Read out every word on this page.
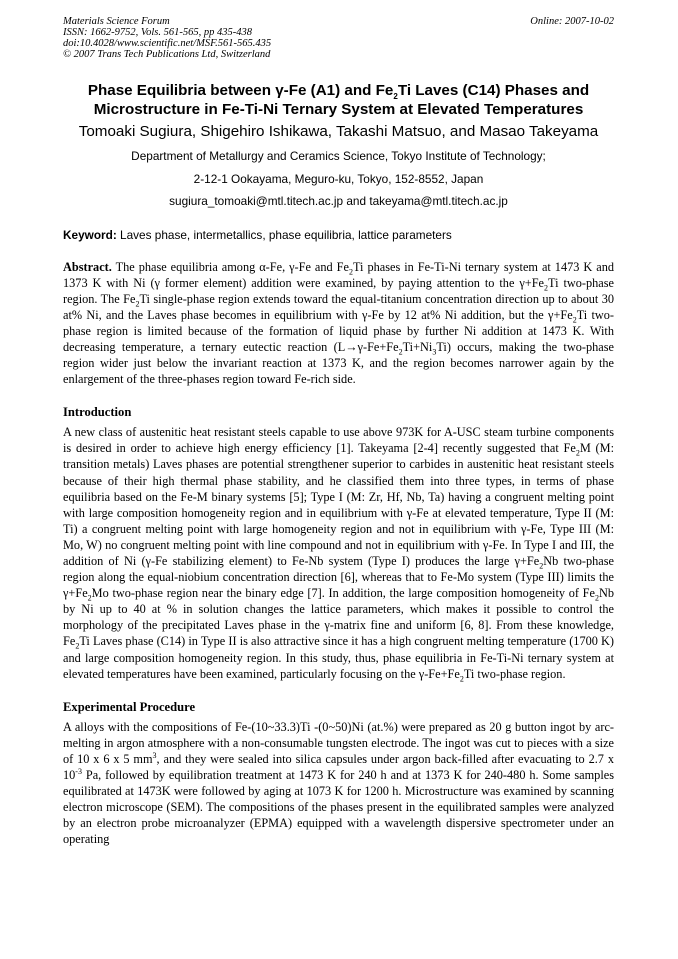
Materials Science Forum
ISSN: 1662-9752, Vols. 561-565, pp 435-438
doi:10.4028/www.scientific.net/MSF.561-565.435
© 2007 Trans Tech Publications Ltd, Switzerland
Online: 2007-10-02
Phase Equilibria between γ-Fe (A1) and $Fe_2Ti$ Laves (C14) Phases and
Microstructure in Fe-Ti-Ni Ternary System at Elevated Temperatures
Tomoaki Sugiura, Shigehiro Ishikawa, Takashi Matsuo, and Masao Takeyama
Department of Metallurgy and Ceramics Science, Tokyo Institute of Technology;
2-12-1 Ookayama, Meguro-ku, Tokyo, 152-8552, Japan
sugiura_tomoaki@mtl.titech.ac.jp and takeyama@mtl.titech.ac.jp
Keyword: Laves phase, intermetallics, phase equilibria, lattice parameters
Abstract. The phase equilibria among α-Fe, γ-Fe and $Fe_2Ti$ phases in Fe-Ti-Ni ternary system at 1473 K and 1373 K with Ni (γ former element) addition were examined, by paying attention to the $\gamma+Fe_2Ti$ two-phase region. The $Fe_2Ti$ single-phase region extends toward the equal-titanium concentration direction up to about 30 at% Ni, and the Laves phase becomes in equilibrium with γ-Fe by 12 at% Ni addition, but the $\gamma+Fe_2Ti$ two-phase region is limited because of the formation of liquid phase by further Ni addition at 1473 K. With decreasing temperature, a ternary eutectic reaction $(L\to\gamma-Fe+Fe_2Ti+Ni_3Ti)$ occurs, making the two-phase region wider just below the invariant reaction at 1373 K, and the region becomes narrower again by the enlargement of the three-phases region toward Fe-rich side.
Introduction
A new class of austenitic heat resistant steels capable to use above 973K for A-USC steam turbine components is desired in order to achieve high energy efficiency [1]. Takeyama [2-4] recently suggested that $Fe_2M$ (M: transition metals) Laves phases are potential strengthener superior to carbides in austenitic heat resistant steels because of their high thermal phase stability, and he classified them into three types, in terms of phase equilibria based on the Fe-M binary systems [5]; Type I (M: Zr, Hf, Nb, Ta) having a congruent melting point with large composition homogeneity region and in equilibrium with γ-Fe at elevated temperature, Type II (M: Ti) a congruent melting point with large homogeneity region and not in equilibrium with γ-Fe, Type III (M: Mo, W) no congruent melting point with line compound and not in equilibrium with γ-Fe. In Type I and III, the addition of Ni (γ-Fe stabilizing element) to Fe-Nb system (Type I) produces the large $\gamma+Fe_2Nb$ two-phase region along the equal-niobium concentration direction [6], whereas that to Fe-Mo system (Type III) limits the $\gamma+Fe_2Mo$ two-phase region near the binary edge [7]. In addition, the large composition homogeneity of $Fe_2Nb$ by Ni up to 40 at % in solution changes the lattice parameters, which makes it possible to control the morphology of the precipitated Laves phase in the γ-matrix fine and uniform [6, 8]. From these knowledge, $Fe_2Ti$ Laves phase (C14) in Type II is also attractive since it has a high congruent melting temperature (1700 K) and large composition homogeneity region. In this study, thus, phase equilibria in Fe-Ti-Ni ternary system at elevated temperatures have been examined, particularly focusing on the $\gamma-Fe+Fe_2Ti$ two-phase region.
Experimental Procedure
A alloys with the compositions of Fe-(10~33.3)Ti -(0~50)Ni (at.%) were prepared as 20 g button ingot by arc-melting in argon atmosphere with a non-consumable tungsten electrode. The ingot was cut to pieces with a size of 10 x 6 x 5 $mm^3$, and they were sealed into silica capsules under argon back-filled after evacuating to 2.7 x $10^{-3}$ Pa, followed by equilibration treatment at 1473 K for 240 h and at 1373 K for 240-480 h. Some samples equilibrated at 1473K were followed by aging at 1073 K for 1200 h. Microstructure was examined by scanning electron microscope (SEM). The compositions of the phases present in the equilibrated samples were analyzed by an electron probe microanalyzer (EPMA) equipped with a wavelength dispersive spectrometer under an operating
